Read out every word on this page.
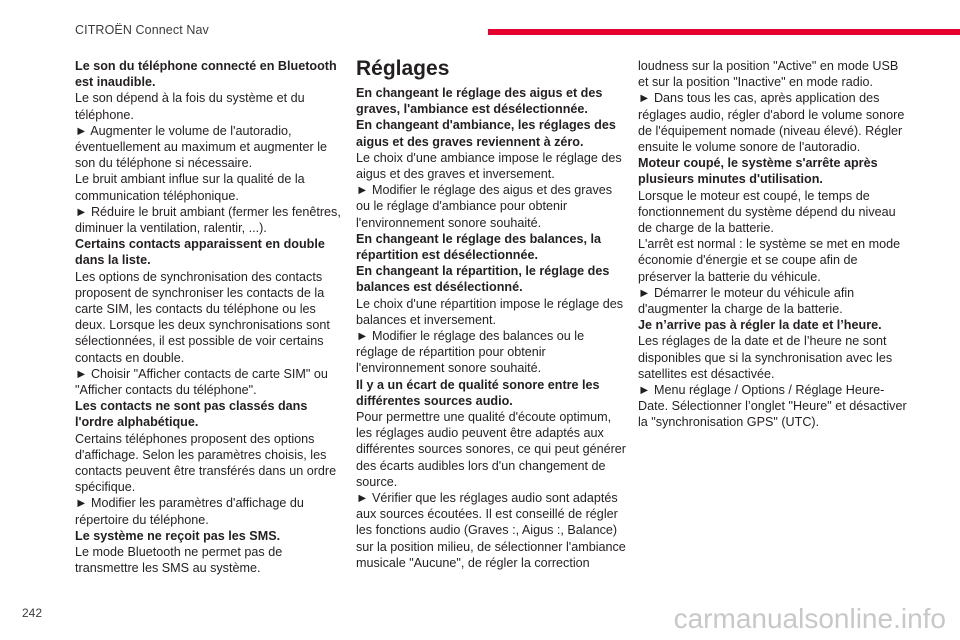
CITROËN Connect Nav

Le son du téléphone connecté en Bluetooth est inaudible.

Le son dépend à la fois du système et du téléphone.

► Augmenter le volume de l'autoradio, éventuellement au maximum et augmenter le son du téléphone si nécessaire.

Le bruit ambiant influe sur la qualité de la communication téléphonique.

► Réduire le bruit ambiant (fermer les fenêtres, diminuer la ventilation, ralentir, ...).

Certains contacts apparaissent en double dans la liste.

Les options de synchronisation des contacts proposent de synchroniser les contacts de la carte SIM, les contacts du téléphone ou les deux. Lorsque les deux synchronisations sont sélectionnées, il est possible de voir certains contacts en double.

► Choisir "Afficher contacts de carte SIM" ou "Afficher contacts du téléphone".

Les contacts ne sont pas classés dans l'ordre alphabétique.

Certains téléphones proposent des options d'affichage. Selon les paramètres choisis, les contacts peuvent être transférés dans un ordre spécifique.

► Modifier les paramètres d'affichage du répertoire du téléphone.

Le système ne reçoit pas les SMS.

Le mode Bluetooth ne permet pas de transmettre les SMS au système.

Réglages

En changeant le réglage des aigus et des graves, l'ambiance est désélectionnée.

En changeant d'ambiance, les réglages des aigus et des graves reviennent à zéro.

Le choix d'une ambiance impose le réglage des aigus et des graves et inversement.

► Modifier le réglage des aigus et des graves ou le réglage d'ambiance pour obtenir l'environnement sonore souhaité.

En changeant le réglage des balances, la répartition est désélectionnée.

En changeant la répartition, le réglage des balances est désélectionné.

Le choix d'une répartition impose le réglage des balances et inversement.

► Modifier le réglage des balances ou le réglage de répartition pour obtenir l'environnement sonore souhaité.

Il y a un écart de qualité sonore entre les différentes sources audio.

Pour permettre une qualité d'écoute optimum, les réglages audio peuvent être adaptés aux différentes sources sonores, ce qui peut générer des écarts audibles lors d'un changement de source.

► Vérifier que les réglages audio sont adaptés aux sources écoutées. Il est conseillé de régler les fonctions audio (Graves :, Aigus :, Balance) sur la position milieu, de sélectionner l'ambiance musicale "Aucune", de régler la correction

loudness sur la position "Active" en mode USB et sur la position "Inactive" en mode radio.

► Dans tous les cas, après application des réglages audio, régler d'abord le volume sonore de l'équipement nomade (niveau élevé). Régler ensuite le volume sonore de l'autoradio.

Moteur coupé, le système s'arrête après plusieurs minutes d'utilisation.

Lorsque le moteur est coupé, le temps de fonctionnement du système dépend du niveau de charge de la batterie.

L'arrêt est normal : le système se met en mode économie d'énergie et se coupe afin de préserver la batterie du véhicule.

► Démarrer le moteur du véhicule afin d'augmenter la charge de la batterie.

Je n’arrive pas à régler la date et l’heure.

Les réglages de la date et de l’heure ne sont disponibles que si la synchronisation avec les satellites est désactivée.

► Menu réglage / Options / Réglage Heure-Date. Sélectionner l’onglet "Heure" et désactiver la "synchronisation GPS" (UTC).

242	carmanualsonline.info
